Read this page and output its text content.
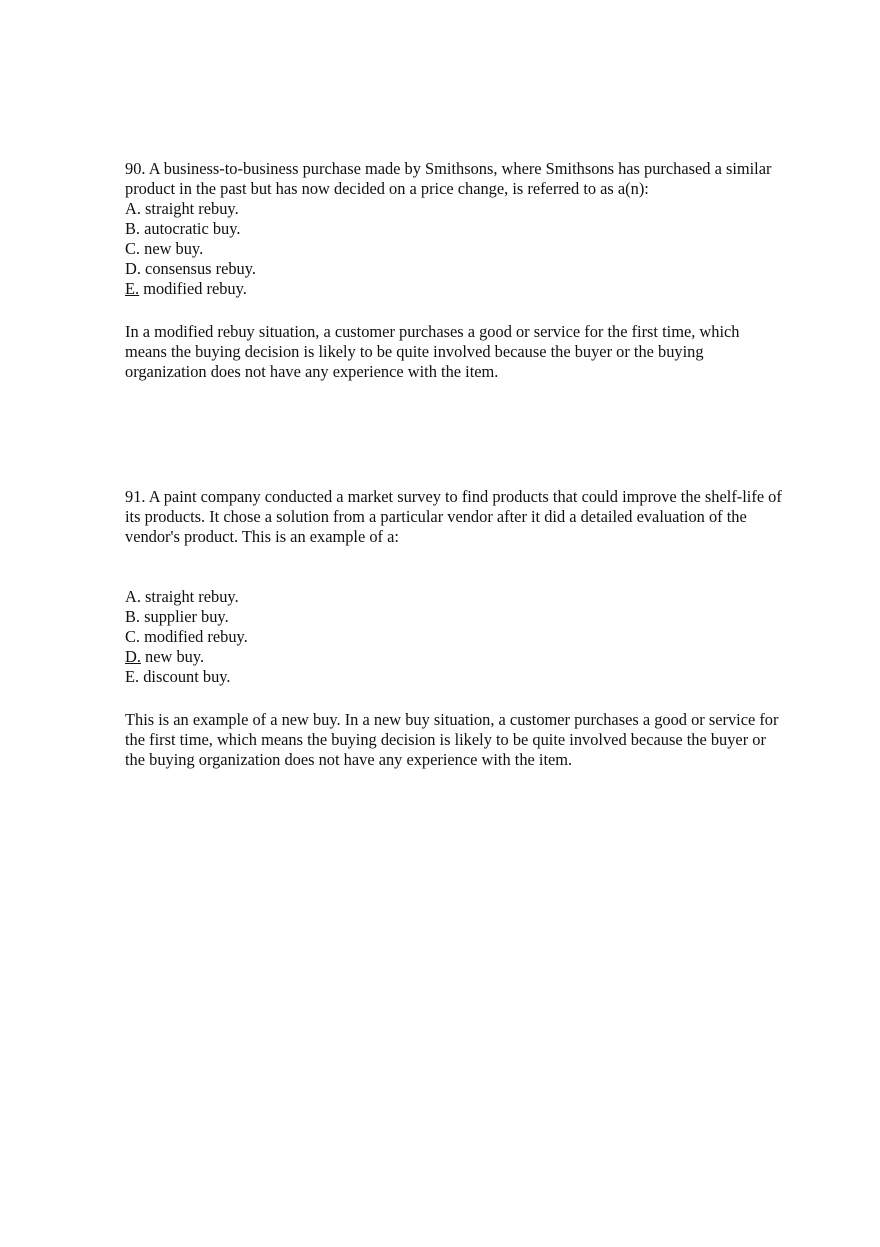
90. A business-to-business purchase made by Smithsons, where Smithsons has purchased a similar product in the past but has now decided on a price change, is referred to as a(n):

A. straight rebuy.
B. autocratic buy.
C. new buy.
D. consensus rebuy.
E. modified rebuy.

In a modified rebuy situation, a customer purchases a good or service for the first time, which means the buying decision is likely to be quite involved because the buyer or the buying organization does not have any experience with the item.

91. A paint company conducted a market survey to find products that could improve the shelf-life of its products. It chose a solution from a particular vendor after it did a detailed evaluation of the vendor's product. This is an example of a:

A. straight rebuy.
B. supplier buy.
C. modified rebuy.
D. new buy.
E. discount buy.

This is an example of a new buy. In a new buy situation, a customer purchases a good or service for the first time, which means the buying decision is likely to be quite involved because the buyer or the buying organization does not have any experience with the item.
